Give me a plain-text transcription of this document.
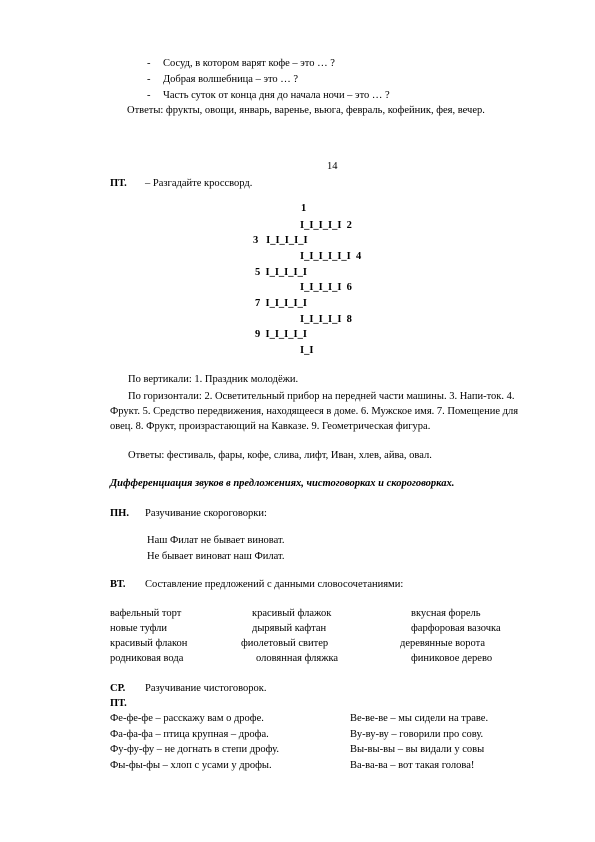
- Сосуд, в котором варят кофе – это … ?
- Добрая волшебница – это … ?
- Часть суток от конца дня до начала ночи – это … ?
Ответы: фрукты, овощи, январь, варенье, вьюга, февраль, кофейник, фея, вечер.
14
ПТ. – Разгадайте кроссворд.
1
I_I_I_I_I  2
3   I_I_I_I_I
I_I_I_I_I_I  4
5  I_I_I_I_I
I_I_I_I_I  6
7  I_I_I_I_I
I_I_I_I_I  8
9  I_I_I_I_I
I_I
По вертикали: 1. Праздник молодёжи.
По горизонтали: 2. Осветительный прибор на передней части машины. 3. Напи-ток. 4. Фрукт. 5. Средство передвижения, находящееся в доме. 6. Мужское имя. 7. Помещение для овец. 8. Фрукт, произрастающий на Кавказе. 9. Геометрическая фигура.
Ответы: фестиваль, фары, кофе, слива, лифт, Иван, хлев, айва, овал.
Дифференциация звуков в предложениях, чистоговорках и скороговорках.
ПН. Разучивание скороговорки:
Наш Филат не бывает виноват.
Не бывает виноват наш Филат.
ВТ. Составление предложений с данными словосочетаниями:
вафельный торт
новые туфли
красивый флакон
родниковая вода
красивый флажок
дырявый кафтан
фиолетовый свитер
оловянная фляжка
вкусная форель
фарфоровая вазочка
деревянные ворота
финиковое дерево
СР. Разучивание чистоговорок.
ПТ.
Фе-фе-фе – расскажу вам о дрофе.
Фа-фа-фа – птица крупная – дрофа.
Фу-фу-фу – не догнать в степи дрофу.
Фы-фы-фы – хлоп с усами у дрофы.
Ве-ве-ве – мы сидели на траве.
Ву-ву-ву – говорили про сову.
Вы-вы-вы – вы видали у совы
Ва-ва-ва – вот такая голова!
